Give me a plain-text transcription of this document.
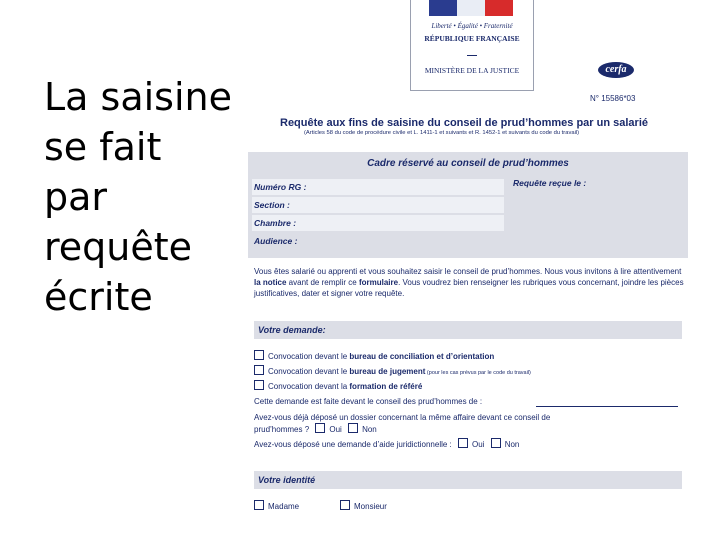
La saisine
se fait
par
requête
écrite
Liberté • Égalité • Fraternité
RÉPUBLIQUE FRANÇAISE
MINISTÈRE DE LA JUSTICE	cerfa
N° 15586*03
Requête aux fins de saisine du conseil de prud’hommes par un salarié
(Articles 58 du code de procédure civile et L. 1411-1 et suivants et R. 1452-1 et suivants du code du travail)
Cadre réservé au conseil de prud’hommes
Numéro RG :
Section :
Chambre :
Audience :
Requête reçue le :
Vous êtes salarié ou apprenti et vous souhaitez saisir le conseil de prud’hommes. Nous vous invitons à lire attentivement la notice avant de remplir ce formulaire. Vous voudrez bien renseigner les rubriques vous concernant, joindre les pièces justificatives, dater et signer votre requête.
Votre demande:
Convocation devant le bureau de conciliation et d’orientation
Convocation devant le bureau de jugement (pour les cas prévus par le code du travail)
Convocation devant la formation de référé
Cette demande est faite devant le conseil des prud’hommes de :
Avez-vous déjà déposé un dossier concernant la même affaire devant ce conseil de
prud’hommes ?	Oui	Non
Avez-vous déposé une demande d’aide juridictionnelle :	Oui	Non
Votre identité
Madame	Monsieur
